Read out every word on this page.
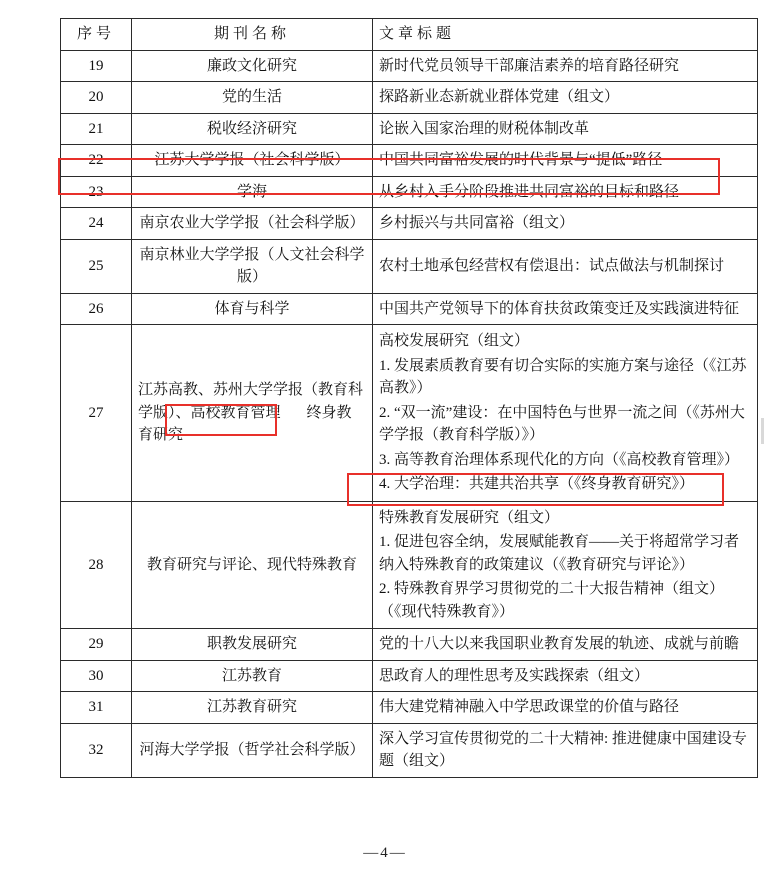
序号	期刊名称	文章标题
19	廉政文化研究	新时代党员领导干部廉洁素养的培育路径研究
20	党的生活	探路新业态新就业群体党建（组文）
21	税收经济研究	论嵌入国家治理的财税体制改革
22	江苏大学学报（社会科学版）	中国共同富裕发展的时代背景与“提低”路径
23	学海	从乡村入手分阶段推进共同富裕的目标和路径
24	南京农业大学学报（社会科学版）	乡村振兴与共同富裕（组文）
25	南京林业大学学报（人文社会科学版）	农村土地承包经营权有偿退出：试点做法与机制探讨
26	体育与科学	中国共产党领导下的体育扶贫政策变迁及实践演进特征
27	江苏高教、苏州大学学报（教育科学版）、高校教育管理 终身教育研究	高校发展研究（组文）
1. 发展素质教育要有切合实际的实施方案与途径（《江苏高教》）
2. “双一流”建设：在中国特色与世界一流之间（《苏州大学学报（教育科学版）》）
3. 高等教育治理体系现代化的方向（《高校教育管理》）
4. 大学治理：共建共治共享（《终身教育研究》）

28	教育研究与评论、现代特殊教育	特殊教育发展研究（组文）
1. 促进包容全纳，发展赋能教育——关于将超常学习者纳入特殊教育的政策建议（《教育研究与评论》）
2. 特殊教育界学习贯彻党的二十大报告精神（组文）（《现代特殊教育》）

29	职教发展研究	党的十八大以来我国职业教育发展的轨迹、成就与前瞻
30	江苏教育	思政育人的理性思考及实践探索（组文）
31	江苏教育研究	伟大建党精神融入中学思政课堂的价值与路径
32	河海大学学报（哲学社会科学版）	深入学习宣传贯彻党的二十大精神: 推进健康中国建设专题（组文）
—4—
